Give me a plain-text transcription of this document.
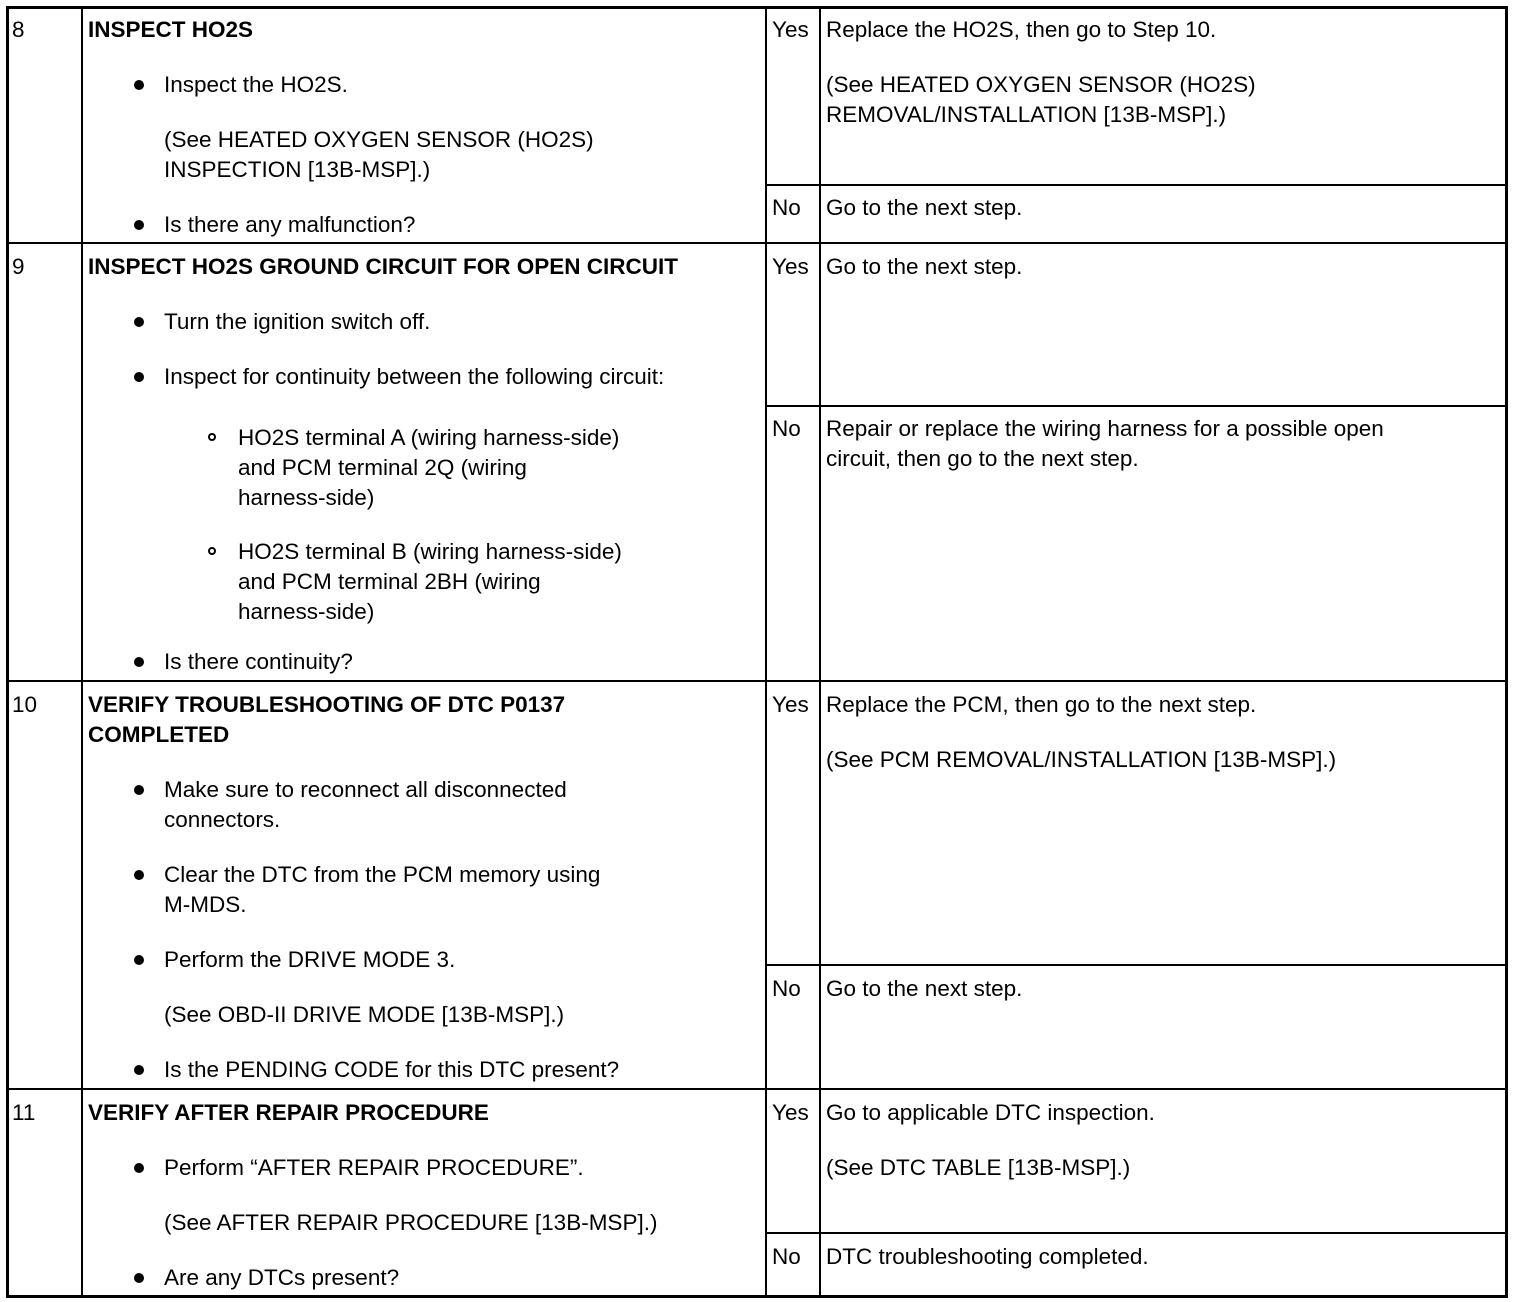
8	INSPECT HO2S
Inspect the HO2S.
(See HEATED OXYGEN SENSOR (HO2S)
INSPECTION [13B-MSP].)
Is there any malfunction?
Yes Replace the HO2S, then go to Step 10.
(See HEATED OXYGEN SENSOR (HO2S)
REMOVAL/INSTALLATION [13B-MSP].)
No Go to the next step.
9	INSPECT HO2S GROUND CIRCUIT FOR OPEN CIRCUIT
Turn the ignition switch off.
Inspect for continuity between the following circuit:
HO2S terminal A (wiring harness-side)
and PCM terminal 2Q (wiring
harness-side)
HO2S terminal B (wiring harness-side)
and PCM terminal 2BH (wiring
harness-side)
Is there continuity?
Yes Go to the next step.
No Repair or replace the wiring harness for a possible open
circuit, then go to the next step.
10 VERIFY TROUBLESHOOTING OF DTC P0137
COMPLETED
Make sure to reconnect all disconnected
connectors.
Clear the DTC from the PCM memory using
M-MDS.
Perform the DRIVE MODE 3.
(See OBD-II DRIVE MODE [13B-MSP].)
Is the PENDING CODE for this DTC present?
Yes Replace the PCM, then go to the next step.
(See PCM REMOVAL/INSTALLATION [13B-MSP].)
No Go to the next step.
11 VERIFY AFTER REPAIR PROCEDURE
Perform “AFTER REPAIR PROCEDURE”.
(See AFTER REPAIR PROCEDURE [13B-MSP].)
Are any DTCs present?
Yes Go to applicable DTC inspection.
(See DTC TABLE [13B-MSP].)
No DTC troubleshooting completed.
